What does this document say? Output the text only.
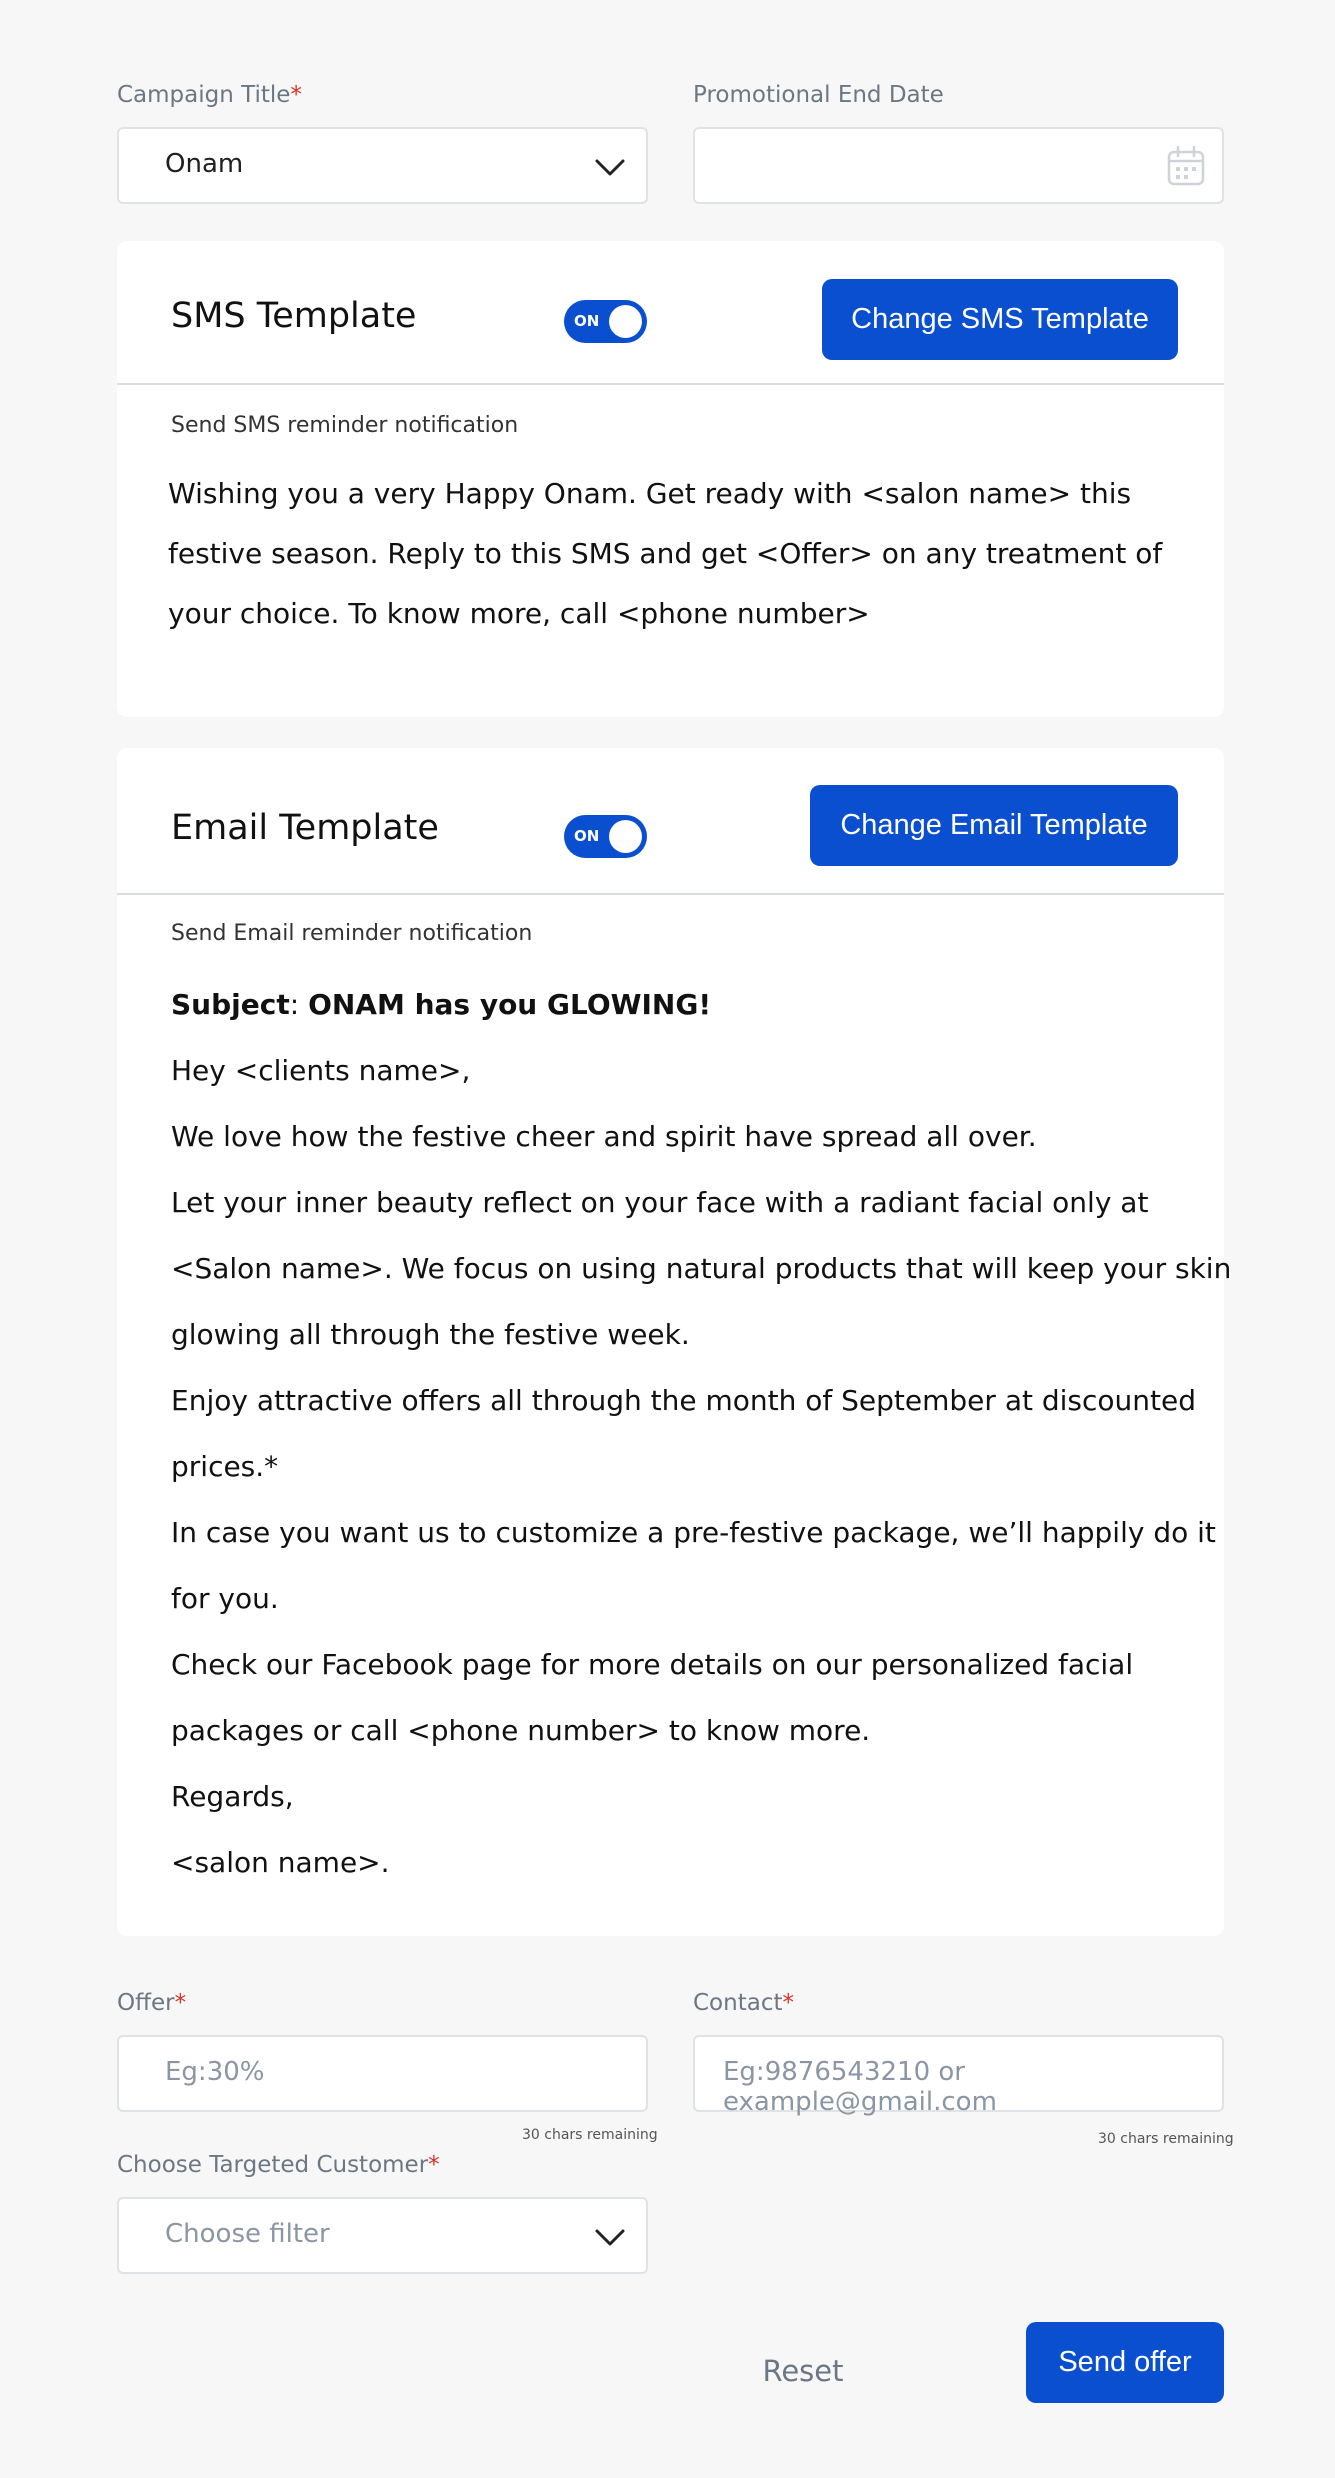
Campaign Title*
Onam
Promotional End Date
SMS Template	ON	Change SMS Template
Send SMS reminder notification
Wishing you a very Happy Onam. Get ready with <salon name> this festive season. Reply to this SMS and get <Offer> on any treatment of your choice. To know more, call <phone number>
Email Template	ON	Change Email Template
Send Email reminder notification
Subject: ONAM has you GLOWING!
Hey <clients name>,
We love how the festive cheer and spirit have spread all over.
Let your inner beauty reflect on your face with a radiant facial only at
<Salon name>. We focus on using natural products that will keep your skin
glowing all through the festive week.
Enjoy attractive offers all through the month of September at discounted
prices.*
In case you want us to customize a pre-festive package, we’ll happily do it
for you.
Check our Facebook page for more details on our personalized facial
packages or call <phone number> to know more.
Regards,
<salon name>.
Offer*
Eg:30%
30 chars remaining
Contact*
Eg:9876543210 or example@gmail.com
30 chars remaining
Choose Targeted Customer*
Choose filter
Reset	Send offer
